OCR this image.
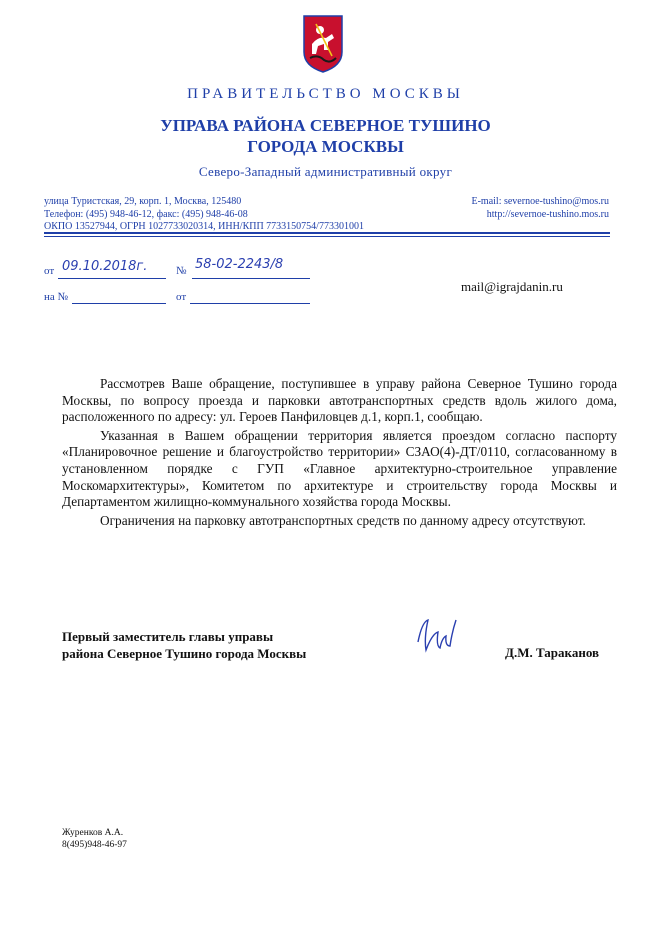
ПРАВИТЕЛЬСТВО МОСКВЫ
УПРАВА РАЙОНА СЕВЕРНОЕ ТУШИНО
ГОРОДА МОСКВЫ
Северо-Западный административный округ
улица Туристская, 29, корп. 1, Москва, 125480
Телефон: (495) 948-46-12, факс: (495) 948-46-08
ОКПО 13527944, ОГРН 1027733020314, ИНН/КПП 7733150754/773301001
E-mail: severnoe-tushino@mos.ru
http://severnoe-tushino.mos.ru
от 09.10.2018г.	№ 58-02-2243/8
на №	от
mail@igrajdanin.ru

Рассмотрев Ваше обращение, поступившее в управу района Северное Тушино города Москвы, по вопросу проезда и парковки автотранспортных средств вдоль жилого дома, расположенного по адресу: ул. Героев Панфиловцев д.1, корп.1, сообщаю.

Указанная в Вашем обращении территория является проездом согласно паспорту «Планировочное решение и благоустройство территории» СЗАО(4)-ДТ/0110, согласованному в установленном порядке с ГУП «Главное архитектурно-строительное управление Москомархитектуры», Комитетом по архитектуре и строительству города Москвы и Департаментом жилищно-коммунального хозяйства города Москвы.

Ограничения на парковку автотранспортных средств по данному адресу отсутствуют.

Первый заместитель главы управы
района Северное Тушино города Москвы	Д.М. Тараканов
Журенков А.А.
8(495)948-46-97
